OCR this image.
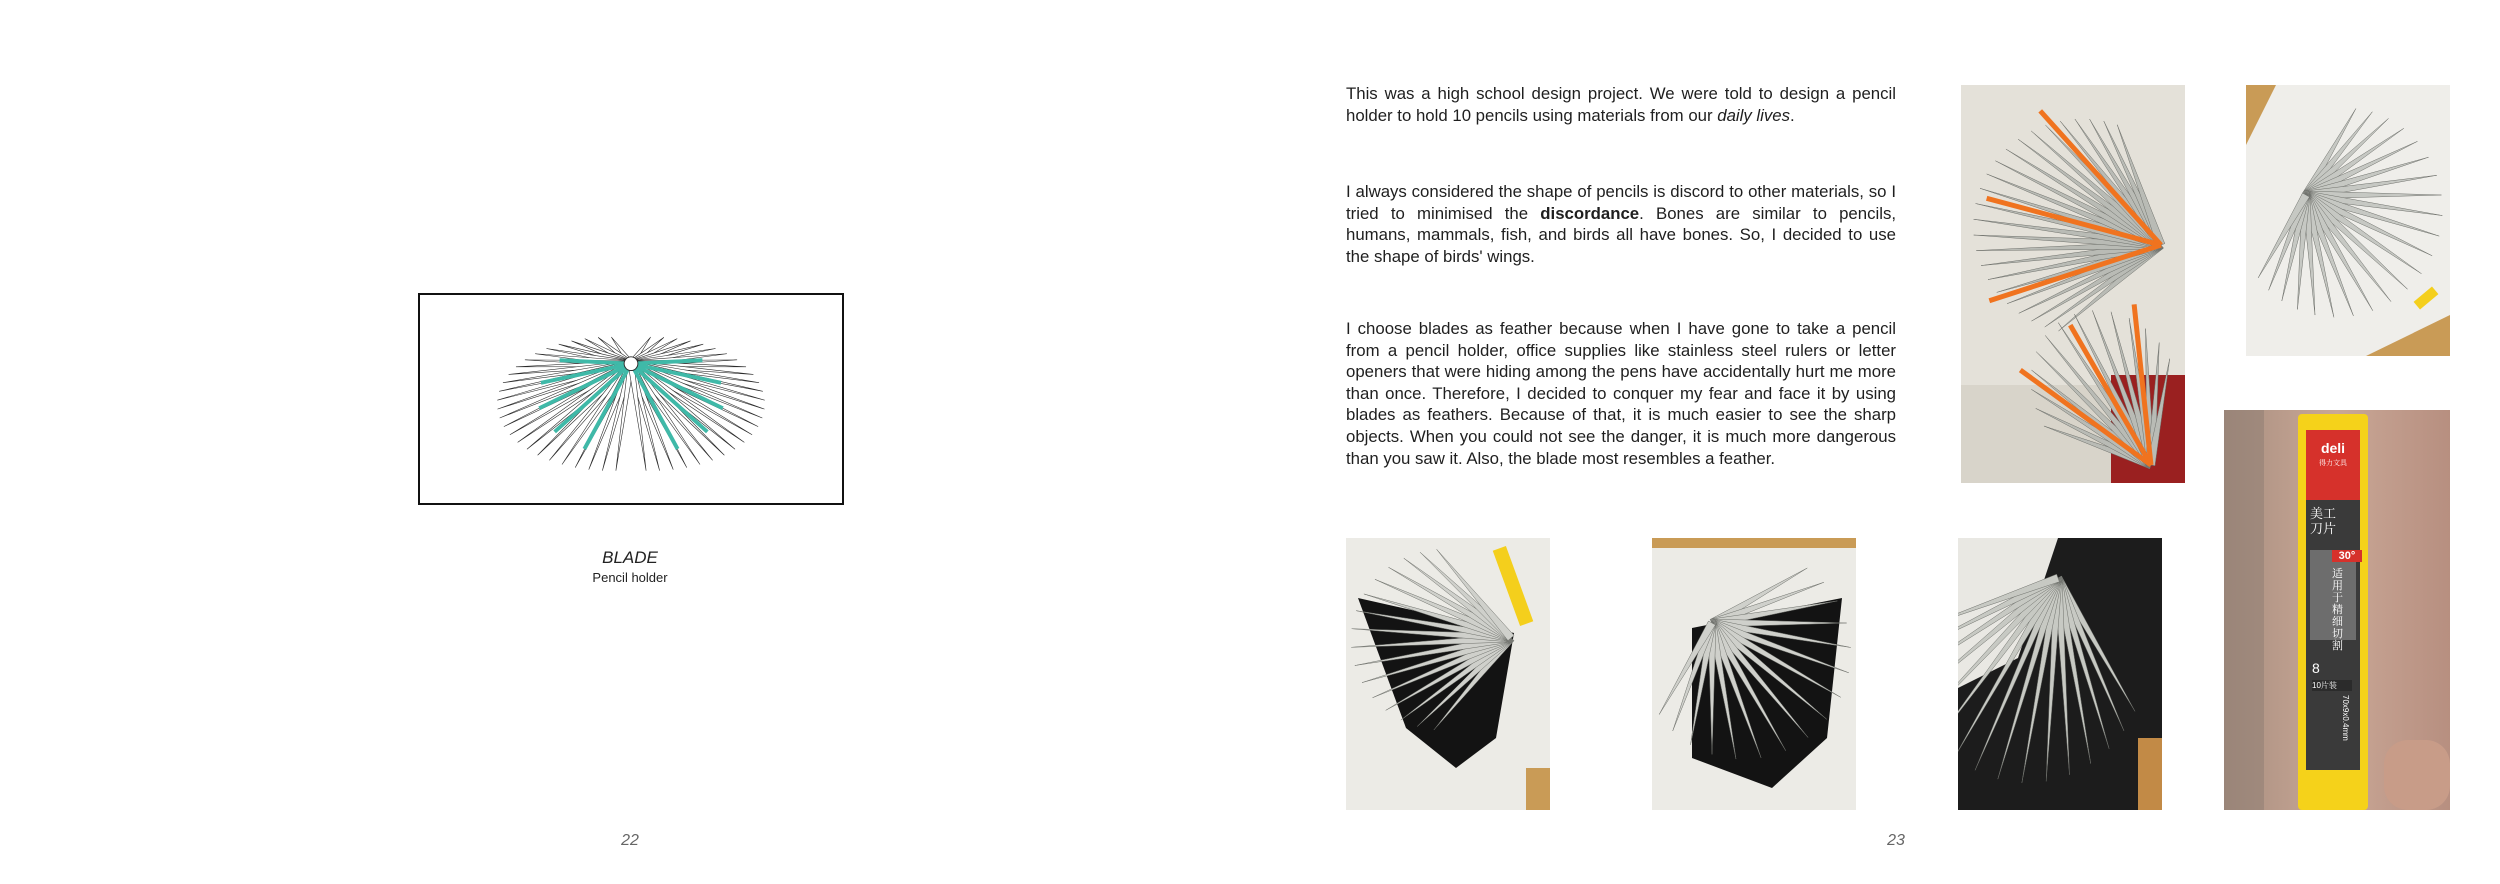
BLADE
Pencil holder
22
This was a high school design project. We were told to design a pencil holder to hold 10 pencils using materials from our daily lives.
I always considered the shape of pencils is discord to other materials, so I tried to minimised the discordance. Bones are similar to pencils, humans, mammals, fish, and birds all have bones. So, I decided to use the shape of birds' wings.
I choose blades as feather because when I have gone to take a pencil from a pencil holder, office supplies like stainless steel rulers or letter openers that were hiding among the pens have accidentally hurt me more than once. Therefore, I decided to conquer my fear and face it by using blades as feathers. Because of that, it is much easier to see the sharp objects. When you could not see the danger, it is much more dangerous than you saw it. Also, the blade most resembles a feather.
deli
得力文具
美工
刀片
30°
适用于精细切割
8
10片装
70x9x0.4mm
23
